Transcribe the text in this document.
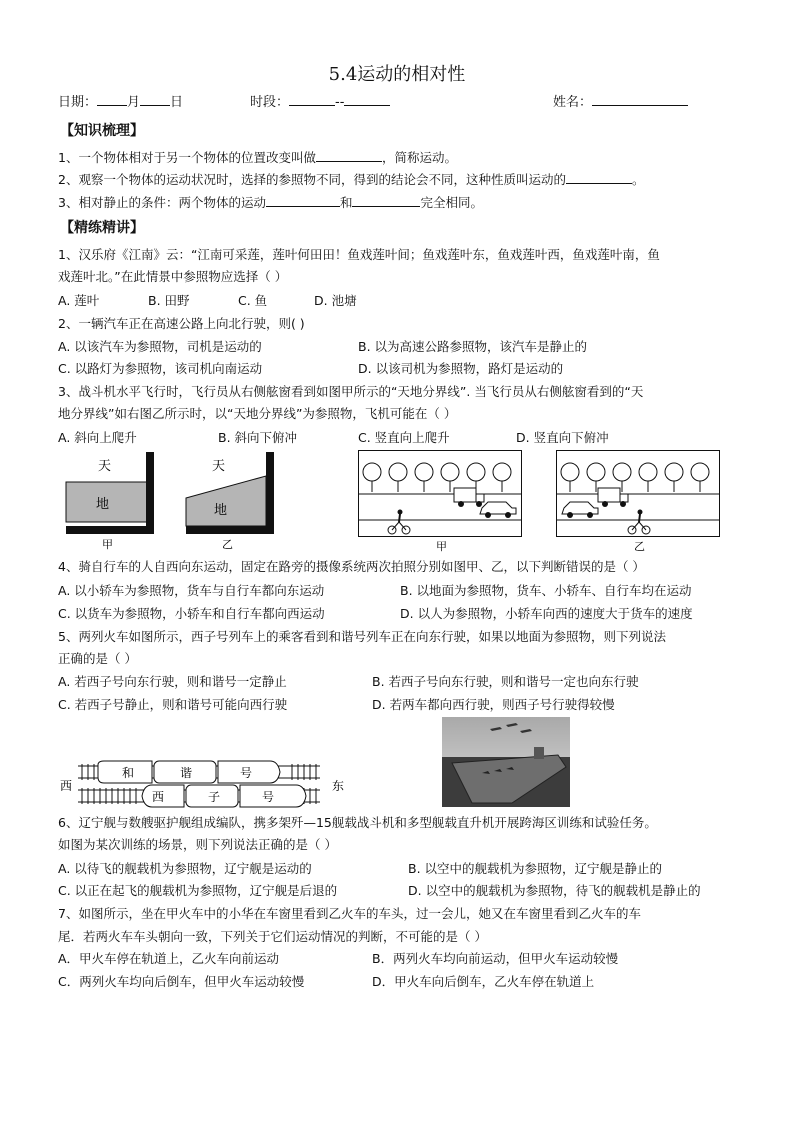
5.4运动的相对性
日期： 月 日	时段：	--	姓名：
【知识梳理】
1、一个物体相对于另一个物体的位置改变叫做	，简称运动。
2、观察一个物体的运动状况时，选择的参照物不同，得到的结论会不同，这种性质叫运动的	。
3、相对静止的条件：两个物体的运动	和	完全相同。
【精练精讲】
1、汉乐府《江南》云：“江南可采莲，莲叶何田田！鱼戏莲叶间；鱼戏莲叶东，鱼戏莲叶西，鱼戏莲叶南，鱼
戏莲叶北。”在此情景中参照物应选择（ ）
A. 莲叶	B. 田野	C. 鱼	D. 池塘
2、一辆汽车正在高速公路上向北行驶，则( )
A. 以该汽车为参照物，司机是运动的	B. 以为高速公路参照物，该汽车是静止的
C. 以路灯为参照物，该司机向南运动	D. 以该司机为参照物，路灯是运动的
3、战斗机水平飞行时，飞行员从右侧舷窗看到如图甲所示的“天地分界线”. 当飞行员从右侧舷窗看到的“天
地分界线”如右图乙所示时，以“天地分界线”为参照物，飞机可能在（ ）
A. 斜向上爬升	B. 斜向下俯冲	C. 竖直向上爬升	D. 竖直向下俯冲
天
地
甲
天
地
乙	甲	乙
4、骑自行车的人自西向东运动，固定在路旁的摄像系统两次拍照分别如图甲、乙，以下判断错误的是（ ）
A. 以小轿车为参照物，货车与自行车都向东运动	B. 以地面为参照物，货车、小轿车、自行车均在运动
C. 以货车为参照物，小轿车和自行车都向西运动	D. 以人为参照物，小轿车向西的速度大于货车的速度
5、两列火车如图所示，西子号列车上的乘客看到和谐号列车正在向东行驶，如果以地面为参照物，则下列说法
正确的是（ ）
A. 若西子号向东行驶，则和谐号一定静止	B. 若西子号向东行驶，则和谐号一定也向东行驶
C. 若西子号静止，则和谐号可能向西行驶	D. 若两车都向西行驶，则西子号行驶得较慢
西	东
和	谐	号
西	子	号
6、辽宁舰与数艘驱护舰组成编队，携多架歼—15舰载战斗机和多型舰载直升机开展跨海区训练和试验任务。
如图为某次训练的场景，则下列说法正确的是（ ）
A. 以待飞的舰载机为参照物，辽宁舰是运动的	B. 以空中的舰载机为参照物，辽宁舰是静止的
C. 以正在起飞的舰载机为参照物，辽宁舰是后退的	D. 以空中的舰载机为参照物，待飞的舰载机是静止的
7、如图所示，坐在甲火车中的小华在车窗里看到乙火车的车头，过一会儿，她又在车窗里看到乙火车的车
尾．若两火车车头朝向一致，下列关于它们运动情况的判断，不可能的是（ ）
A．甲火车停在轨道上，乙火车向前运动	B．两列火车均向前运动，但甲火车运动较慢
C．两列火车均向后倒车，但甲火车运动较慢	D．甲火车向后倒车，乙火车停在轨道上
